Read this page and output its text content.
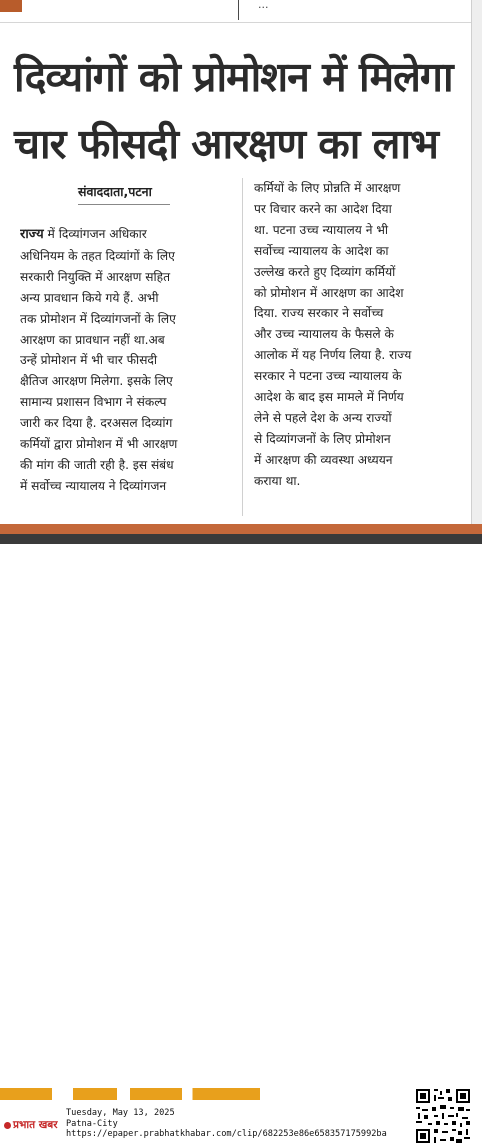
...
दिव्यांगों को प्रोमोशन में मिलेगा
चार फीसदी आरक्षण का लाभ
संवाददाता,पटना

राज्य में दिव्यांगजन अधिकार

अधिनियम के तहत दिव्यांगों के लिए

सरकारी नियुक्ति में आरक्षण सहित

अन्य प्रावधान किये गये हैं. अभी

तक प्रोमोशन में दिव्यांगजनों के लिए

आरक्षण का प्रावधान नहीं था.अब

उन्हें प्रोमोशन में भी चार फीसदी

क्षैतिज आरक्षण मिलेगा. इसके लिए

सामान्य प्रशासन विभाग ने संकल्प

जारी कर दिया है. दरअसल दिव्यांग

कर्मियों द्वारा प्रोमोशन में भी आरक्षण

की मांग की जाती रही है. इस संबंध

में सर्वोच्च न्यायालय ने दिव्यांगजन

कर्मियों के लिए प्रोन्नति में आरक्षण

पर विचार करने का आदेश दिया

था. पटना उच्च न्यायालय ने भी

सर्वोच्च न्यायालय के आदेश का

उल्लेख करते हुए दिव्यांग कर्मियों

को प्रोमोशन में आरक्षण का आदेश

दिया. राज्य सरकार ने सर्वोच्च

और उच्च न्यायालय के फैसले के

आलोक में यह निर्णय लिया है. राज्य

सरकार ने पटना उच्च न्यायालय के

आदेश के बाद इस मामले में निर्णय

लेने से पहले देश के अन्य राज्यों

से दिव्यांगजनों के लिए प्रोमोशन

में आरक्षण की व्यवस्था अध्ययन

कराया था.

प्रभात खबर
Tuesday, May 13, 2025
Patna-City
https://epaper.prabhatkhabar.com/clip/682253e86e658357175992ba
